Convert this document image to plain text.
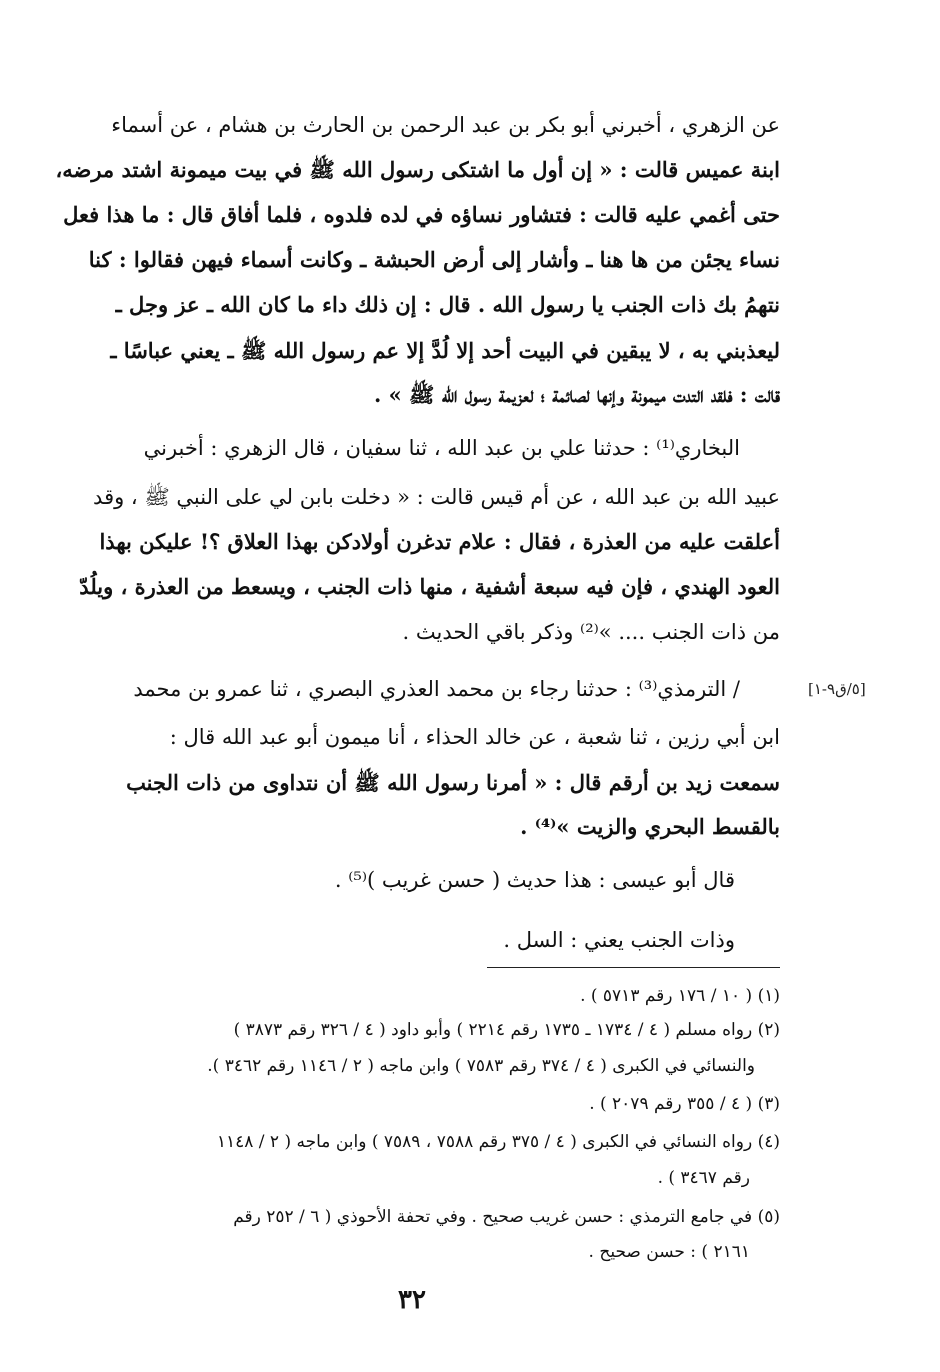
عن الزهري ، أخبرني أبو بكر بن عبد الرحمن بن الحارث بن هشام ، عن أسماء
ابنة عميس قالت : « إن أول ما اشتكى رسول الله ﷺ في بيت ميمونة اشتد مرضه،
حتى أغمي عليه قالت : فتشاور نساؤه في لده فلدوه ، فلما أفاق قال : ما هذا فعل
نساء يجئن من ها هنا ـ وأشار إلى أرض الحبشة ـ وكانت أسماء فيهن فقالوا : كنا
نتهمُ بك ذات الجنب يا رسول الله . قال : إن ذلك داء ما كان الله ـ عز وجل ـ
ليعذبني به ، لا يبقين في البيت أحد إلا لُدَّ إلا عم رسول الله ﷺ ـ يعني عباسًا ـ
قالت : فلقد التدت ميمونة وإنها لصائمة ؛ لعزيمة رسول الله ﷺ » .
البخاري⁽¹⁾ : حدثنا علي بن عبد الله ، ثنا سفيان ، قال الزهري : أخبرني
عبيد الله بن عبد الله ، عن أم قيس قالت : « دخلت بابن لي على النبي ﷺ ، وقد
أعلقت عليه من العذرة ، فقال : علام تدغرن أولادكن بهذا العلاق ؟! عليكن بهذا
العود الهندي ، فإن فيه سبعة أشفية ، منها ذات الجنب ، ويسعط من العذرة ، ويلُدّ
من ذات الجنب .... »⁽²⁾ وذكر باقي الحديث .
[٥/ق٩-١]
/ الترمذي⁽³⁾ : حدثنا رجاء بن محمد العذري البصري ، ثنا عمرو بن محمد
ابن أبي رزين ، ثنا شعبة ، عن خالد الحذاء ، أنا ميمون أبو عبد الله قال :
سمعت زيد بن أرقم قال : « أمرنا رسول الله ﷺ أن نتداوى من ذات الجنب
بالقسط البحري والزيت »⁽⁴⁾ .
قال أبو عيسى : هذا حديث ( حسن غريب )⁽⁵⁾ .
وذات الجنب يعني : السل .
(١) ( ١٠ / ١٧٦ رقم ٥٧١٣ ) .
(٢) رواه مسلم ( ٤ / ١٧٣٤ ـ ١٧٣٥ رقم ٢٢١٤ ) وأبو داود ( ٤ / ٣٢٦ رقم ٣٨٧٣ )
والنسائي في الكبرى ( ٤ / ٣٧٤ رقم ٧٥٨٣ ) وابن ماجه ( ٢ / ١١٤٦ رقم ٣٤٦٢ ).
(٣) ( ٤ / ٣٥٥ رقم ٢٠٧٩ ) .
(٤) رواه النسائي في الكبرى ( ٤ / ٣٧٥ رقم ٧٥٨٨ ، ٧٥٨٩ ) وابن ماجه ( ٢ / ١١٤٨
رقم ٣٤٦٧ ) .
(٥) في جامع الترمذي : حسن غريب صحيح . وفي تحفة الأحوذي ( ٦ / ٢٥٢ رقم
٢١٦١ ) : حسن صحيح .
٣٢
